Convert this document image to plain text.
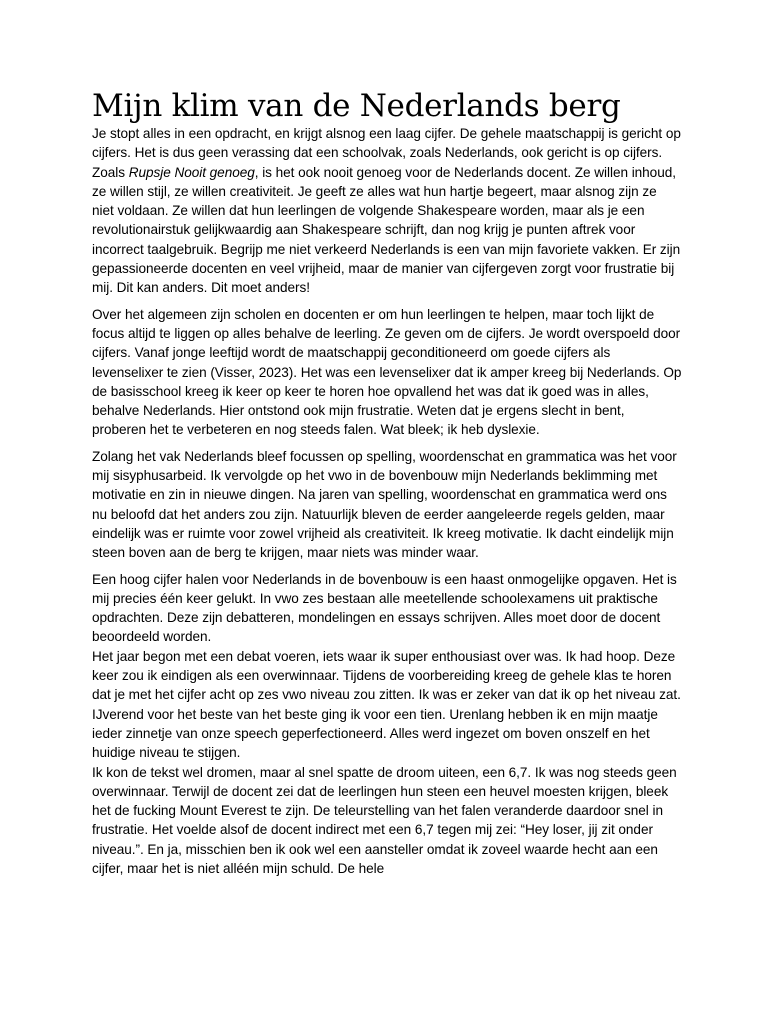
Mijn klim van de Nederlands berg

Je stopt alles in een opdracht, en krijgt alsnog een laag cijfer. De gehele maatschappij is gericht op cijfers. Het is dus geen verassing dat een schoolvak, zoals Nederlands, ook gericht is op cijfers. Zoals Rupsje Nooit genoeg, is het ook nooit genoeg voor de Nederlands docent. Ze willen inhoud, ze willen stijl, ze willen creativiteit. Je geeft ze alles wat hun hartje begeert, maar alsnog zijn ze niet voldaan. Ze willen dat hun leerlingen de volgende Shakespeare worden, maar als je een revolutionairstuk gelijkwaardig aan Shakespeare schrijft, dan nog krijg je punten aftrek voor incorrect taalgebruik. Begrijp me niet verkeerd Nederlands is een van mijn favoriete vakken. Er zijn gepassioneerde docenten en veel vrijheid, maar de manier van cijfergeven zorgt voor frustratie bij mij. Dit kan anders. Dit moet anders!

Over het algemeen zijn scholen en docenten er om hun leerlingen te helpen, maar toch lijkt de focus altijd te liggen op alles behalve de leerling. Ze geven om de cijfers. Je wordt overspoeld door cijfers. Vanaf jonge leeftijd wordt de maatschappij geconditioneerd om goede cijfers als levenselixer te zien (Visser, 2023). Het was een levenselixer dat ik amper kreeg bij Nederlands. Op de basisschool kreeg ik keer op keer te horen hoe opvallend het was dat ik goed was in alles, behalve Nederlands. Hier ontstond ook mijn frustratie. Weten dat je ergens slecht in bent, proberen het te verbeteren en nog steeds falen. Wat bleek; ik heb dyslexie.

Zolang het vak Nederlands bleef focussen op spelling, woordenschat en grammatica was het voor mij sisyphusarbeid. Ik vervolgde op het vwo in de bovenbouw mijn Nederlands beklimming met motivatie en zin in nieuwe dingen. Na jaren van spelling, woordenschat en grammatica werd ons nu beloofd dat het anders zou zijn. Natuurlijk bleven de eerder aangeleerde regels gelden, maar eindelijk was er ruimte voor zowel vrijheid als creativiteit. Ik kreeg motivatie. Ik dacht eindelijk mijn steen boven aan de berg te krijgen, maar niets was minder waar.

Een hoog cijfer halen voor Nederlands in de bovenbouw is een haast onmogelijke opgaven. Het is mij precies één keer gelukt. In vwo zes bestaan alle meetellende schoolexamens uit praktische opdrachten. Deze zijn debatteren, mondelingen en essays schrijven. Alles moet door de docent beoordeeld worden.

Het jaar begon met een debat voeren, iets waar ik super enthousiast over was. Ik had hoop. Deze keer zou ik eindigen als een overwinnaar. Tijdens de voorbereiding kreeg de gehele klas te horen dat je met het cijfer acht op zes vwo niveau zou zitten. Ik was er zeker van dat ik op het niveau zat. IJverend voor het beste van het beste ging ik voor een tien. Urenlang hebben ik en mijn maatje ieder zinnetje van onze speech geperfectioneerd. Alles werd ingezet om boven onszelf en het huidige niveau te stijgen.

Ik kon de tekst wel dromen, maar al snel spatte de droom uiteen, een 6,7. Ik was nog steeds geen overwinnaar. Terwijl de docent zei dat de leerlingen hun steen een heuvel moesten krijgen, bleek het de fucking Mount Everest te zijn. De teleurstelling van het falen veranderde daardoor snel in frustratie. Het voelde alsof de docent indirect met een 6,7 tegen mij zei: “Hey loser, jij zit onder niveau.”. En ja, misschien ben ik ook wel een aansteller omdat ik zoveel waarde hecht aan een cijfer, maar het is niet alléén mijn schuld. De hele
